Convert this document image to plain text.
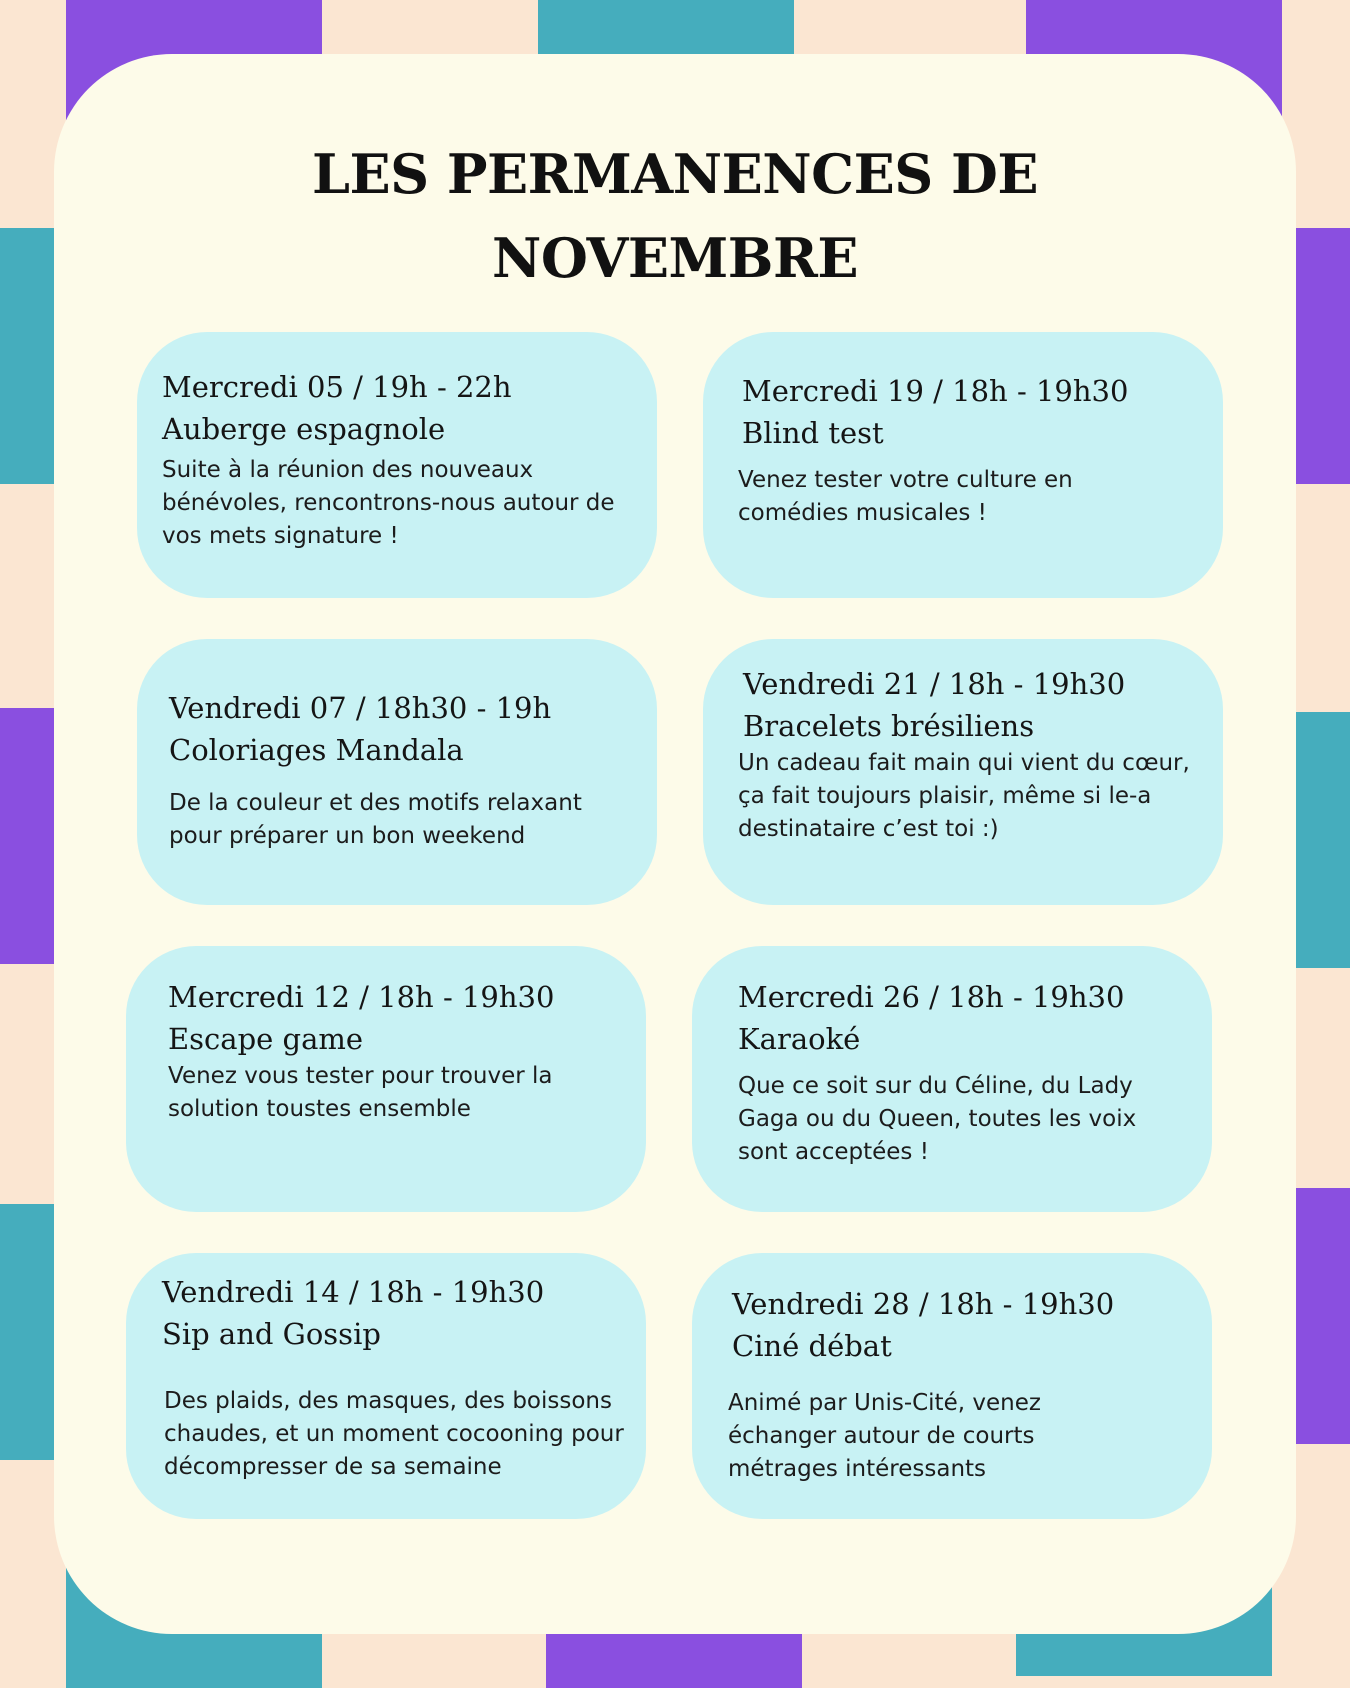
LES PERMANENCES DE
NOVEMBRE
Mercredi 05 / 19h - 22h
Auberge espagnole
Suite à la réunion des nouveaux bénévoles, rencontrons-nous autour de vos mets signature !
Mercredi 19 / 18h - 19h30
Blind test
Venez tester votre culture en comédies musicales !
Vendredi 07 / 18h30 - 19h
Coloriages Mandala
De la couleur et des motifs relaxant pour préparer un bon weekend
Vendredi 21 / 18h - 19h30
Bracelets brésiliens
Un cadeau fait main qui vient du cœur, ça fait toujours plaisir, même si le-a destinataire c’est toi :)
Mercredi 12 / 18h - 19h30
Escape game
Venez vous tester pour trouver la solution toustes ensemble
Mercredi 26 / 18h - 19h30
Karaoké
Que ce soit sur du Céline, du Lady Gaga ou du Queen, toutes les voix sont acceptées !
Vendredi 14 / 18h - 19h30
Sip and Gossip
Des plaids, des masques, des boissons chaudes, et un moment cocooning pour décompresser de sa semaine
Vendredi 28 / 18h - 19h30
Ciné débat
Animé par Unis-Cité, venez échanger autour de courts métrages intéressants
